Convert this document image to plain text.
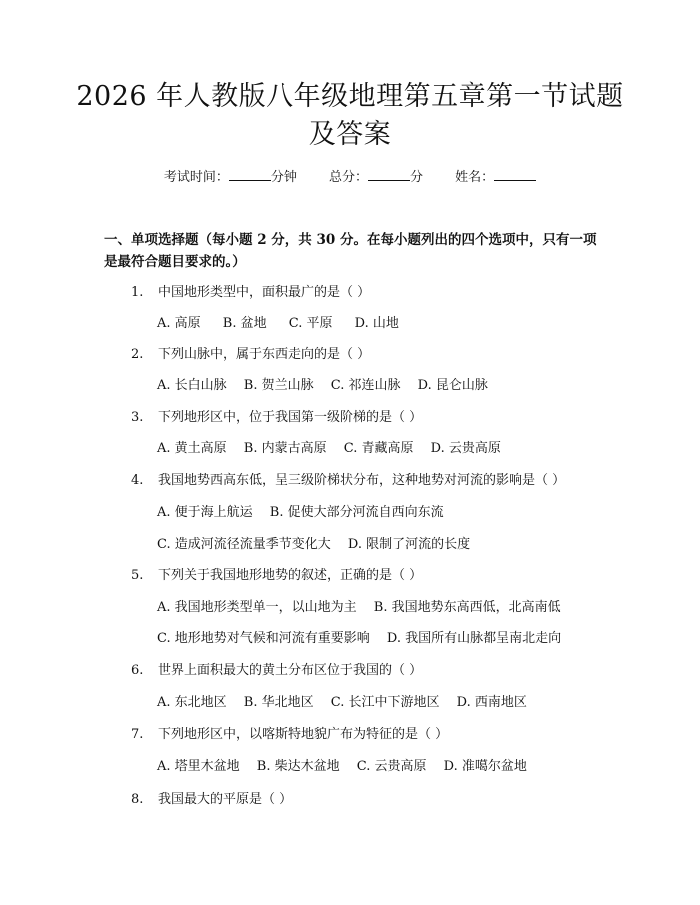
2026 年人教版八年级地理第五章第一节试题
及答案
考试时间：	分钟 总分：	分 姓名：
一、单项选择题（每小题 2 分，共 30 分。在每小题列出的四个选项中，只有一项是最符合题目要求的。）
1. 中国地形类型中，面积最广的是（ ）
A. 高原 B. 盆地 C. 平原 D. 山地
2. 下列山脉中，属于东西走向的是（ ）
A. 长白山脉 B. 贺兰山脉 C. 祁连山脉 D. 昆仑山脉
3. 下列地形区中，位于我国第一级阶梯的是（ ）
A. 黄土高原 B. 内蒙古高原 C. 青藏高原 D. 云贵高原
4. 我国地势西高东低，呈三级阶梯状分布，这种地势对河流的影响是（ ）
A. 便于海上航运 B. 促使大部分河流自西向东流
C. 造成河流径流量季节变化大 D. 限制了河流的长度
5. 下列关于我国地形地势的叙述，正确的是（ ）
A. 我国地形类型单一，以山地为主 B. 我国地势东高西低，北高南低
C. 地形地势对气候和河流有重要影响 D. 我国所有山脉都呈南北走向
6. 世界上面积最大的黄土分布区位于我国的（ ）
A. 东北地区 B. 华北地区 C. 长江中下游地区 D. 西南地区
7. 下列地形区中，以喀斯特地貌广布为特征的是（ ）
A. 塔里木盆地 B. 柴达木盆地 C. 云贵高原 D. 准噶尔盆地
8. 我国最大的平原是（ ）
